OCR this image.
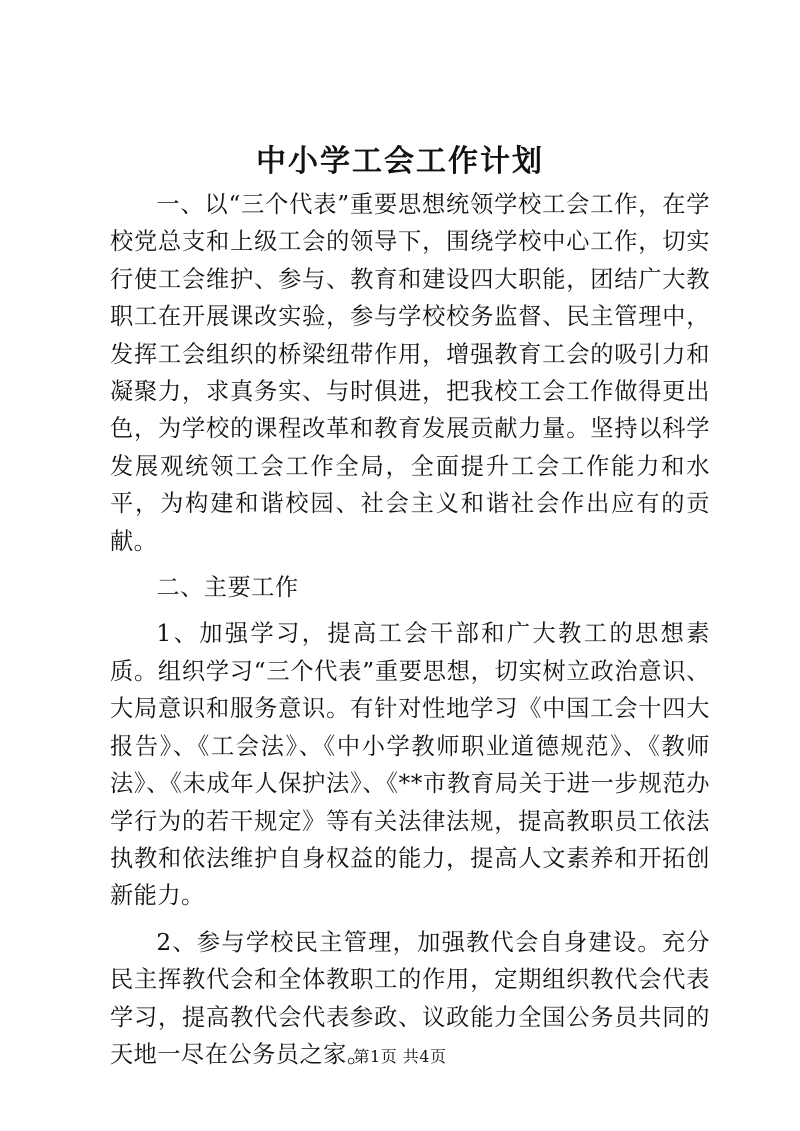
中小学工会工作计划

一、以“三个代表”重要思想统领学校工会工作，在学校党总支和上级工会的领导下，围绕学校中心工作，切实行使工会维护、参与、教育和建设四大职能，团结广大教职工在开展课改实验，参与学校校务监督、民主管理中，发挥工会组织的桥梁纽带作用，增强教育工会的吸引力和凝聚力，求真务实、与时俱进，把我校工会工作做得更出色，为学校的课程改革和教育发展贡献力量。坚持以科学发展观统领工会工作全局，全面提升工会工作能力和水平，为构建和谐校园、社会主义和谐社会作出应有的贡献。

二、主要工作

1、加强学习，提高工会干部和广大教工的思想素质。组织学习“三个代表”重要思想，切实树立政治意识、大局意识和服务意识。有针对性地学习《中国工会十四大报告》、《工会法》、《中小学教师职业道德规范》、《教师法》、《未成年人保护法》、《**市教育局关于进一步规范办学行为的若干规定》等有关法律法规，提高教职员工依法执教和依法维护自身权益的能力，提高人文素养和开拓创新能力。

2、参与学校民主管理，加强教代会自身建设。充分民主挥教代会和全体教职工的作用，定期组织教代会代表学习，提高教代会代表参政、议政能力全国公务员共同的天地一尽在公务员之家。

第1页 共4页
